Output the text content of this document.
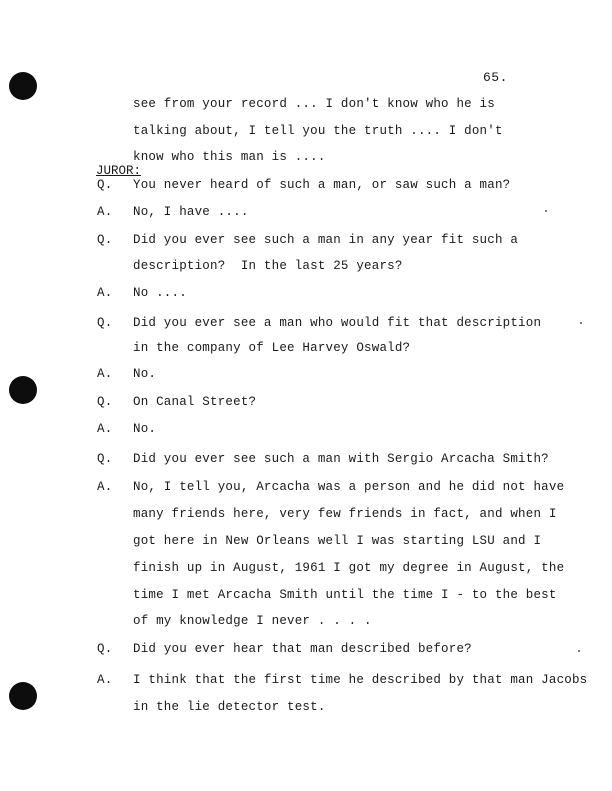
65.
see from your record ... I don't know who he is
talking about, I tell you the truth .... I don't
know who this man is ....
JUROR:
Q. You never heard of such a man, or saw such a man?
A. No, I have ....
Q. Did you ever see such a man in any year fit such a
description?  In the last 25 years?
A. No ....
Q. Did you ever see a man who would fit that description
in the company of Lee Harvey Oswald?
A. No.
Q. On Canal Street?
A. No.
Q. Did you ever see such a man with Sergio Arcacha Smith?
A. No, I tell you, Arcacha was a person and he did not have
many friends here, very few friends in fact, and when I
got here in New Orleans well I was starting LSU and I
finish up in August, 1961 I got my degree in August, the
time I met Arcacha Smith until the time I - to the best
of my knowledge I never . . . .
Q. Did you ever hear that man described before?
A. I think that the first time he described by that man Jacobs
in the lie detector test.
